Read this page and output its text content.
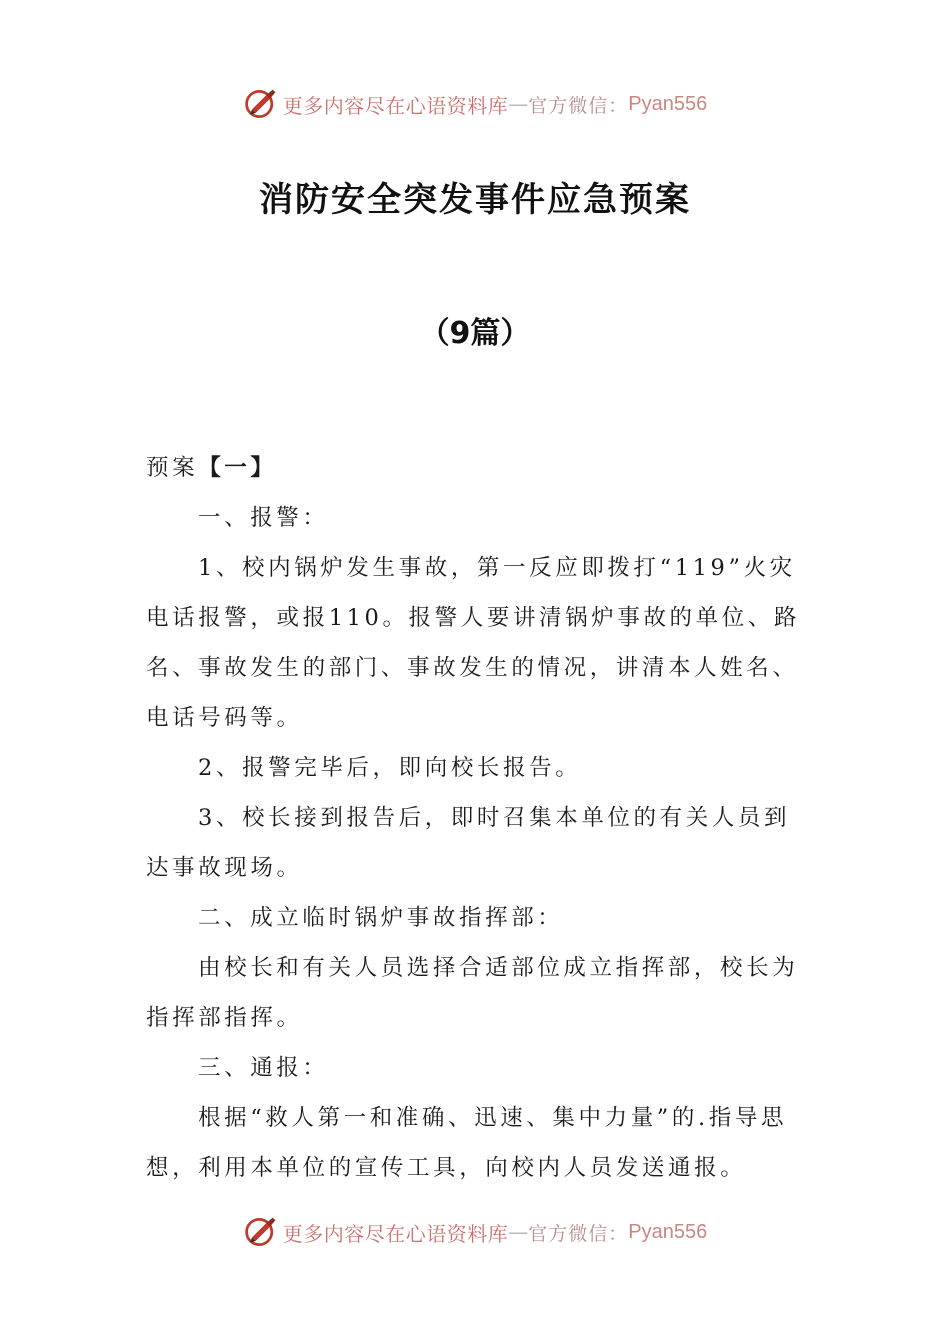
更多内容尽在心语资料库 — 官方微信： Pyan556
消防安全突发事件应急预案
（9篇）

预案【一】

一、报警：

1、校内锅炉发生事故，第一反应即拨打“119”火灾电话报警，或报110。报警人要讲清锅炉事故的单位、路名、事故发生的部门、事故发生的情况，讲清本人姓名、电话号码等。

2、报警完毕后，即向校长报告。

3、校长接到报告后，即时召集本单位的有关人员到达事故现场。

二、成立临时锅炉事故指挥部：

由校长和有关人员选择合适部位成立指挥部，校长为指挥部指挥。

三、通报：

根据“救人第一和准确、迅速、集中力量”的.指导思想，利用本单位的宣传工具，向校内人员发送通报。

更多内容尽在心语资料库 — 官方微信： Pyan556
